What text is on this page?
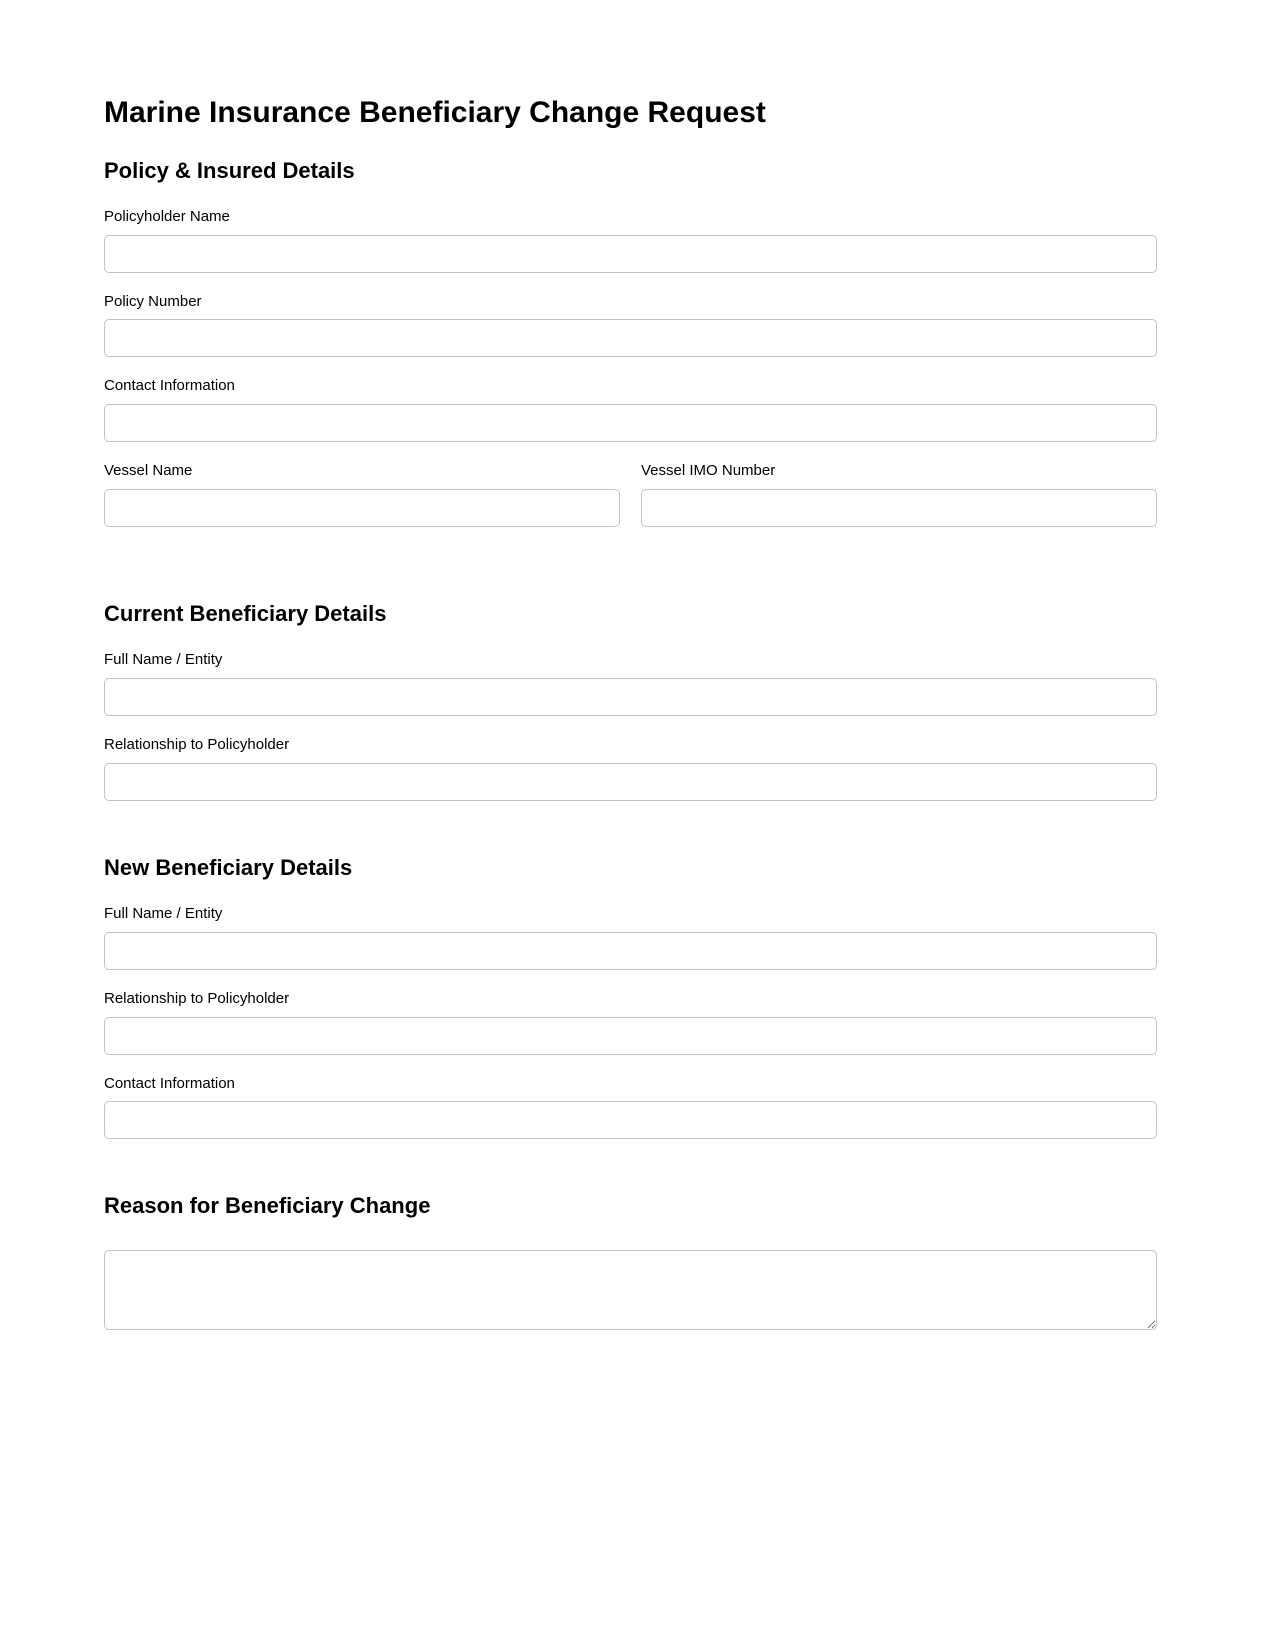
Marine Insurance Beneficiary Change Request
Policy & Insured Details
Policyholder Name
Policy Number
Contact Information
Vessel Name	Vessel IMO Number
Current Beneficiary Details
Full Name / Entity
Relationship to Policyholder
New Beneficiary Details
Full Name / Entity
Relationship to Policyholder
Contact Information
Reason for Beneficiary Change
